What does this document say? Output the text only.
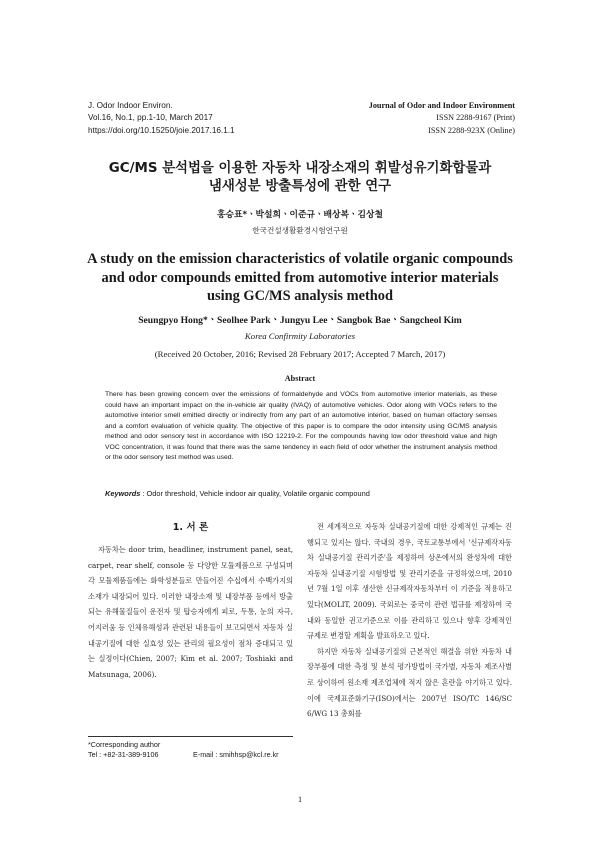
J. Odor Indoor Environ.
Vol.16, No.1, pp.1-10, March 2017
https://doi.org/10.15250/joie.2017.16.1.1
Journal of Odor and Indoor Environment
ISSN 2288-9167 (Print)
ISSN 2288-923X (Online)
GC/MS 분석법을 이용한 자동차 내장소재의 휘발성유기화합물과
냄새성분 방출특성에 관한 연구
홍승표*ㆍ박설희ㆍ이준규ㆍ배상복ㆍ김상철
한국건설생활환경시험연구원
A study on the emission characteristics of volatile organic compounds
and odor compounds emitted from automotive interior materials
using GC/MS analysis method
Seungpyo Hong*ㆍSeolhee ParkㆍJungyu LeeㆍSangbok BaeㆍSangcheol Kim
Korea Confirmity Laboratories
(Received 20 October, 2016; Revised 28 February 2017; Accepted 7 March, 2017)
Abstract

There has been growing concern over the emissions of formaldehyde and VOCs from automotive interior materials, as these could have an important impact on the in-vehicle air quality (IVAQ) of automotive vehicles. Odor along with VOCs refers to the automotive interior smell emitted directly or indirectly from any part of an automotive interior, based on human olfactory senses and a comfort evaluation of vehicle quality. The objective of this paper is to compare the odor intensity using GC/MS analysis method and odor sensory test in accordance with ISO 12219-2. For the compounds having low odor threshold value and high VOC concentration, it was found that there was the same tendency in each field of odor whether the instrument analysis method or the odor sensory test method was used.

Keywords : Odor threshold, Vehicle indoor air quality, Volatile organic compound
1. 서 론

자동차는 door trim, headliner, instrument panel, seat, carpet, rear shelf, console 등 다양한 모듈제품으로 구성되며 각 모듈제품들에는 화학성분들로 만들어진 수십에서 수백가지의 소재가 내장되어 있다. 이러한 내장소재 및 내장부품 등에서 방출되는 유해물질들이 운전자 및 탑승자에게 피로, 두통, 눈의 자극, 어지러움 등 인체유해성과 관련된 내용들이 보고되면서 자동차 실내공기질에 대한 실효성 있는 관리의 필요성이 점차 증대되고 있는 실정이다(Chien, 2007; Kim et al. 2007; Toshiaki and Matsunaga, 2006).

전 세계적으로 자동차 실내공기질에 대한 강제적인 규제는 진행되고 있지는 않다. 국내의 경우, 국토교통부에서 '신규제작자동차 실내공기질 관리기준'을 제정하여 상온에서의 완성차에 대한 자동차 실내공기질 시험방법 및 관리기준을 규정하였으며, 2010년 7월 1일 이후 생산한 신규제작자동차부터 이 기준을 적용하고 있다(MOLIT, 2009). 국외로는 중국이 관련 법규를 제정하여 국내와 동일한 권고기준으로 이를 관리하고 있으나 향후 강제적인 규제로 변경할 계획을 발표하오고 있다.

하지만 자동차 실내공기질의 근본적인 해결을 위한 자동차 내장부품에 대한 측정 및 분석 평가방법이 국가별, 자동차 제조사별로 상이하여 원소재 제조업체에 적지 않은 혼란을 야기하고 있다. 이에 국제표준화기구(ISO)에서는 2007년 ISO/TC 146/SC 6/WG 13 총회를

*Corresponding author
Tel : +82-31-389-9106	E-mail : smihhsp@kcl.re.kr
1
